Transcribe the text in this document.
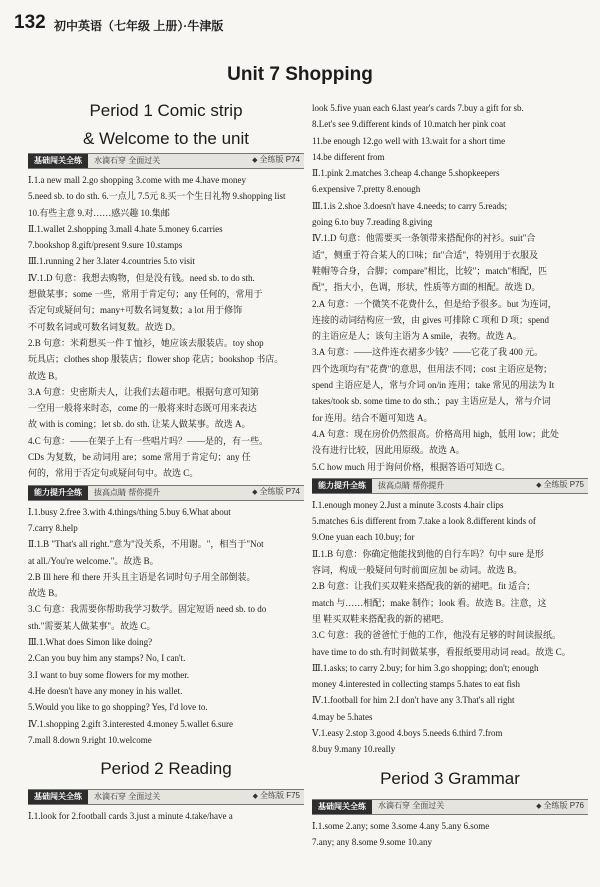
132 初中英语（七年级 上册）·牛津版
Unit 7 Shopping
Period 1 Comic strip
& Welcome to the unit
基础闯关全练	水滴石穿 全面过关	◆ 全练版 P74
Ⅰ.1.a new mall 2.go shopping 3.come with me 4.have money
5.need sb. to do sth. 6.一点儿 7.5元 8.买一个生日礼物 9.shopping list
10.有些主意 9.对……感兴趣 10.集邮
Ⅱ.1.wallet 2.shopping 3.mall 4.hate 5.money 6.carries
7.bookshop 8.gift/present 9.sure 10.stamps
Ⅲ.1.running 2 her 3.later 4.countries 5.to visit
Ⅳ.1.D 句意：我想去购物，但是没有钱。need sb. to do sth.
想做某事；some 一些，常用于肯定句；any 任何的，常用于
否定句或疑问句；many+可数名词复数；a lot 用于修饰
不可数名词或可数名词复数。故选 D。
2.B 句意：米莉想买一件 T 恤衫，她应该去服装店。toy shop
玩具店；clothes shop 服装店；flower shop 花店；bookshop 书店。
故选 B。
3.A 句意：史密斯夫人，让我们去超市吧。根据句意可知第
一空用一般将来时态，come 的一般将来时态既可用来表达
故 with is coming；let sb. do sth. 让某人做某事。故选 A。
4.C 句意：——在架子上有一些唱片吗？——是的，有一些。
CDs 为复数，be 动词用 are；some 常用于肯定句；any 任
何的，常用于否定句或疑问句中。故选 C。
能力提升全练	拔高点睛 帮你提升	◆ 全练版 P74
Ⅰ.1.busy 2.free 3.with 4.things/thing 5.buy 6.What about
7.carry 8.help
Ⅱ.1.B "That's all right."意为"没关系，不用谢。"，相当于"Not
at all./You're welcome."。故选 B。
2.B Ill here 和 there 开头且主语是名词时句子用全部倒装。
故选 B。
3.C 句意：我需要你帮助我学习数学。固定短语 need sb. to do
sth."需要某人做某事"。故选 C。
Ⅲ.1.What does Simon like doing?
2.Can you buy him any stamps? No, I can't.
3.I want to buy some flowers for my mother.
4.He doesn't have any money in his wallet.
5.Would you like to go shopping? Yes, I'd love to.
Ⅳ.1.shopping 2.gift 3.interested 4.money 5.wallet 6.sure
7.mall 8.down 9.right 10.welcome
Period 2 Reading
基础闯关全练	水滴石穿 全面过关	◆ 全练版 F75
Ⅰ.1.look for 2.football cards 3.just a minute 4.take/have a
look 5.five yuan each 6.last year's cards 7.buy a gift for sb.
8.Let's see 9.different kinds of 10.match her pink coat
11.be enough 12.go well with 13.wait for a short time
14.be different from
Ⅱ.1.pink 2.matches 3.cheap 4.change 5.shopkeepers
6.expensive 7.pretty 8.enough
Ⅲ.1.is 2.shoe 3.doesn't have 4.needs; to carry 5.reads;
going 6.to buy 7.reading 8.giving
Ⅳ.1.D 句意：他需要买一条领带来搭配你的衬衫。suit"合
适"，侧重于符合某人的口味；fit"合适"，特别用于衣服及
鞋帽等合身，合脚；compare"相比，比较"；match"相配，匹
配"，指大小，色调，形状，性质等方面的相配。故选 D。
2.A 句意：一个微笑不花费什么，但是给予很多。but 为连词，
连接的动词结构应一致，由 gives 可排除 C 项和 D 项；spend
的主语应是人；该句主语为 A smile，表物。故选 A。
3.A 句意：——这件连衣裙多少钱？——它花了我 400 元。
四个选项均有"花费"的意思，但用法不同；cost 主语应是物；
spend 主语应是人，常与介词 on/in 连用；take 常见的用法为 It
takes/took sb. some time to do sth.；pay 主语应是人，常与介词
for 连用。结合不题可知选 A。
4.A 句意：现在房价仍然很高。价格高用 high，低用 low；此处
没有进行比较，因此用原级。故选 A。
5.C how much 用于询问价格，根据答语可知选 C。
能力提升全练	拔高点睛 帮你提升	◆ 全练版 P75
Ⅰ.1.enough money 2.Just a minute 3.costs 4.hair clips
5.matches 6.is different from 7.take a look 8.different kinds of
9.One yuan each 10.buy; for
Ⅱ.1.B 句意：你确定他能找到他的自行车吗？句中 sure 是形
容词，构成一般疑问句时前面应加 be 动词。故选 B。
2.B 句意：让我们买双鞋来搭配我的新的裙吧。fit 适合；
match 与……相配；make 制作；look 看。故选 B。注意，这
里 鞋买双鞋来搭配我的新的裙吧。
3.C 句意：我的爸爸忙于他的工作，他没有足够的时间读报纸。
have time to do sth.有时间做某事，看报纸要用动词 read。故选 C。
Ⅲ.1.asks; to carry 2.buy; for him 3.go shopping; don't; enough
money 4.interested in collecting stamps 5.hates to eat fish
Ⅳ.1.football for him 2.I don't have any 3.That's all right
4.may be 5.hates
Ⅴ.1.easy 2.stop 3.good 4.boys 5.needs 6.third 7.from
8.buy 9.many 10.really
Period 3 Grammar
基础闯关全练	水滴石穿 全面过关	◆ 全练版 P76
Ⅰ.1.some 2.any; some 3.some 4.any 5.any 6.some
7.any; any 8.some 9.some 10.any
